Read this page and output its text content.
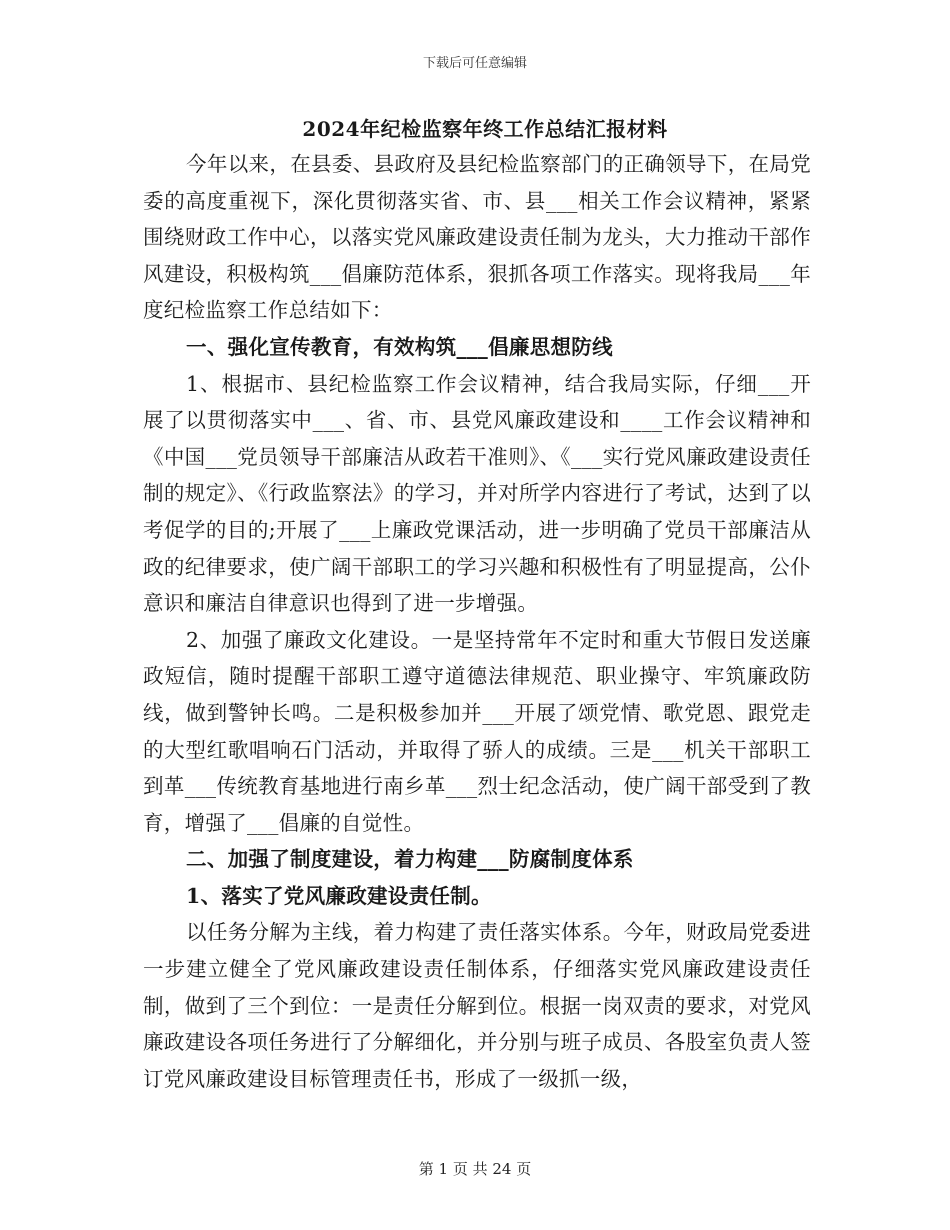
下载后可任意编辑
2024年纪检监察年终工作总结汇报材料

今年以来，在县委、县政府及县纪检监察部门的正确领导下，在局党委的高度重视下，深化贯彻落实省、市、县___相关工作会议精神，紧紧围绕财政工作中心，以落实党风廉政建设责任制为龙头，大力推动干部作风建设，积极构筑___倡廉防范体系，狠抓各项工作落实。现将我局___年度纪检监察工作总结如下：

一、强化宣传教育，有效构筑___倡廉思想防线

1、根据市、县纪检监察工作会议精神，结合我局实际，仔细___开展了以贯彻落实中___、省、市、县党风廉政建设和____工作会议精神和《中国___党员领导干部廉洁从政若干准则》、《___实行党风廉政建设责任制的规定》、《行政监察法》的学习，并对所学内容进行了考试，达到了以考促学的目的;开展了___上廉政党课活动，进一步明确了党员干部廉洁从政的纪律要求，使广阔干部职工的学习兴趣和积极性有了明显提高，公仆意识和廉洁自律意识也得到了进一步增强。

2、加强了廉政文化建设。一是坚持常年不定时和重大节假日发送廉政短信，随时提醒干部职工遵守道德法律规范、职业操守、牢筑廉政防线，做到警钟长鸣。二是积极参加并___开展了颂党情、歌党恩、跟党走的大型红歌唱响石门活动，并取得了骄人的成绩。三是___机关干部职工到革___传统教育基地进行南乡革___烈士纪念活动，使广阔干部受到了教育，增强了___倡廉的自觉性。

二、加强了制度建设，着力构建___防腐制度体系

1、落实了党风廉政建设责任制。

以任务分解为主线，着力构建了责任落实体系。今年，财政局党委进一步建立健全了党风廉政建设责任制体系，仔细落实党风廉政建设责任制，做到了三个到位：一是责任分解到位。根据一岗双责的要求，对党风廉政建设各项任务进行了分解细化，并分别与班子成员、各股室负责人签订党风廉政建设目标管理责任书，形成了一级抓一级，

第 1 页 共 24 页
